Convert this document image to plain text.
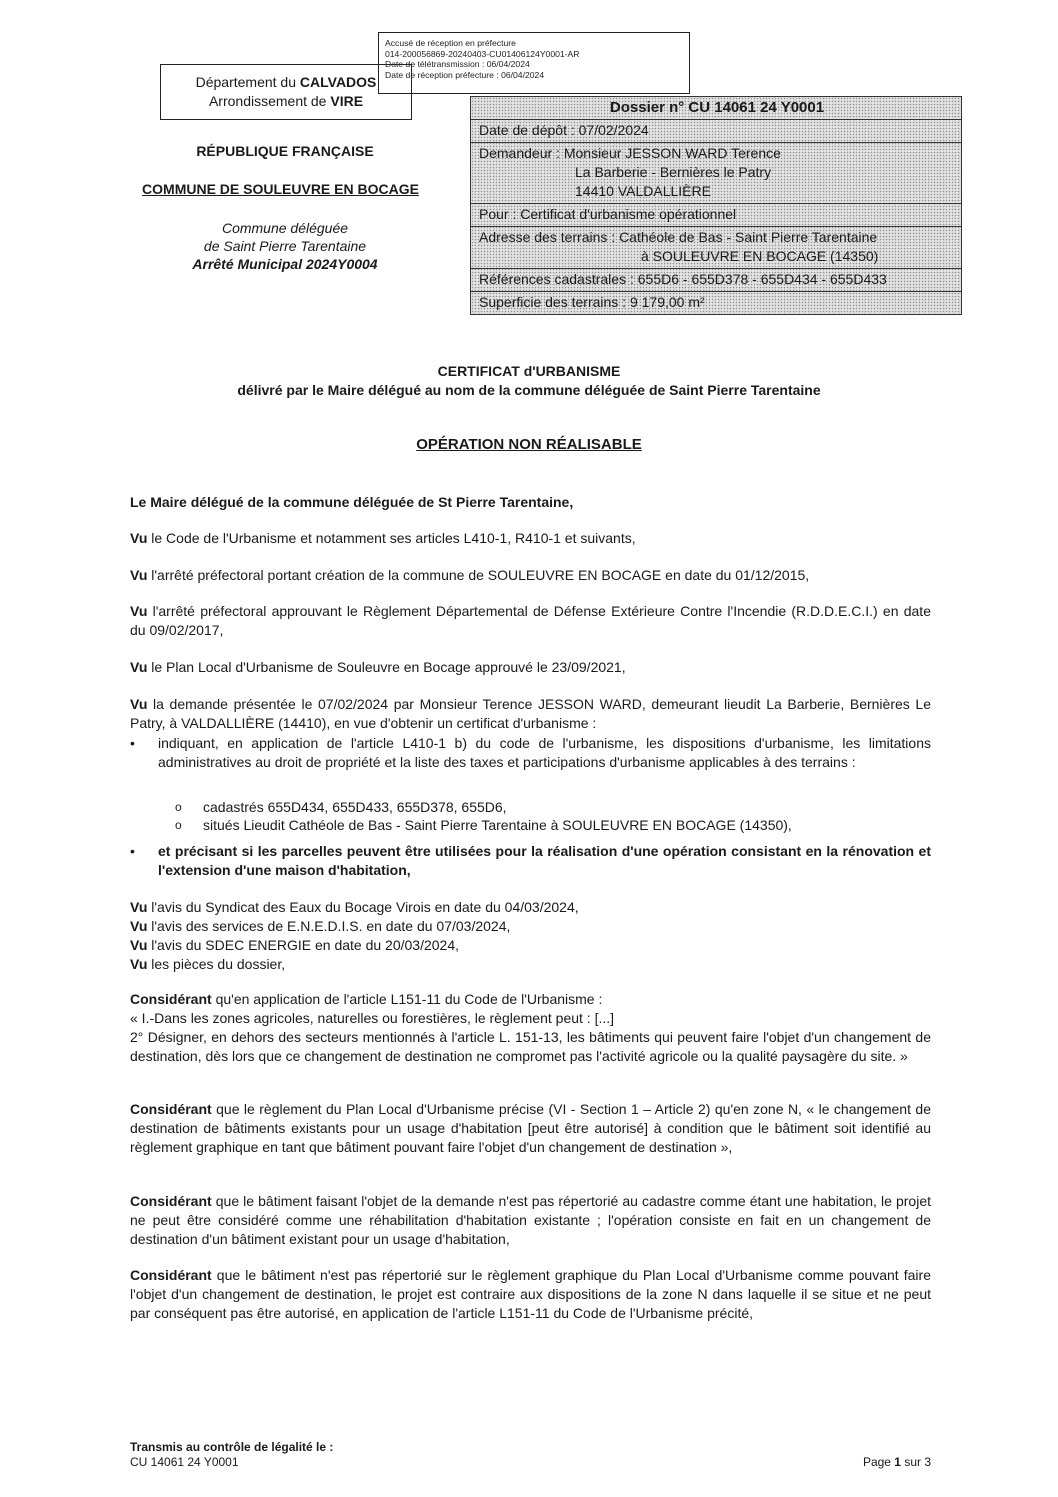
Département du CALVADOS
Arrondissement de VIRE
Accusé de réception en préfecture
014-200056869-20240403-CU01406124Y0001-AR
Date de télétransmission : 06/04/2024
Date de réception préfecture : 06/04/2024
RÉPUBLIQUE FRANÇAISE
COMMUNE DE SOULEUVRE EN BOCAGE
Commune déléguée
de Saint Pierre Tarentaine
Arrêté Municipal 2024Y0004
Dossier n° CU 14061 24 Y0001
Date de dépôt : 07/02/2024
Demandeur : Monsieur JESSON WARD Terence
La Barberie - Bernières le Patry
14410 VALDALLIÈRE
Pour : Certificat d'urbanisme opérationnel
Adresse des terrains : Cathéole de Bas - Saint Pierre Tarentaine
à SOULEUVRE EN BOCAGE (14350)
Références cadastrales : 655D6 - 655D378 - 655D434 - 655D433
Superficie des terrains : 9 179,00 m²
CERTIFICAT d'URBANISME
délivré par le Maire délégué au nom de la commune déléguée de Saint Pierre Tarentaine
OPÉRATION NON RÉALISABLE
Le Maire délégué de la commune déléguée de St Pierre Tarentaine,
Vu le Code de l'Urbanisme et notamment ses articles L410-1, R410-1 et suivants,
Vu l'arrêté préfectoral portant création de la commune de SOULEUVRE EN BOCAGE en date du 01/12/2015,
Vu l'arrêté préfectoral approuvant le Règlement Départemental de Défense Extérieure Contre l'Incendie (R.D.D.E.C.I.) en date du 09/02/2017,
Vu le Plan Local d'Urbanisme de Souleuvre en Bocage approuvé le 23/09/2021,
Vu la demande présentée le 07/02/2024 par Monsieur Terence JESSON WARD, demeurant lieudit La Barberie, Bernières Le Patry, à VALDALLIÈRE (14410), en vue d'obtenir un certificat d'urbanisme :
• indiquant, en application de l'article L410-1 b) du code de l'urbanisme, les dispositions d'urbanisme, les limitations administratives au droit de propriété et la liste des taxes et participations d'urbanisme applicables à des terrains :
o cadastrés 655D434, 655D433, 655D378, 655D6,
o situés Lieudit Cathéole de Bas - Saint Pierre Tarentaine à SOULEUVRE EN BOCAGE (14350),
• et précisant si les parcelles peuvent être utilisées pour la réalisation d'une opération consistant en la rénovation et l'extension d'une maison d'habitation,
Vu l'avis du Syndicat des Eaux du Bocage Virois en date du 04/03/2024,
Vu l'avis des services de E.N.E.D.I.S. en date du 07/03/2024,
Vu l'avis du SDEC ENERGIE en date du 20/03/2024,
Vu les pièces du dossier,
Considérant qu'en application de l'article L151-11 du Code de l'Urbanisme :
« I.-Dans les zones agricoles, naturelles ou forestières, le règlement peut : [...]
2° Désigner, en dehors des secteurs mentionnés à l'article L. 151-13, les bâtiments qui peuvent faire l'objet d'un changement de destination, dès lors que ce changement de destination ne compromet pas l'activité agricole ou la qualité paysagère du site. »
Considérant que le règlement du Plan Local d'Urbanisme précise (VI - Section 1 – Article 2) qu'en zone N, « le changement de destination de bâtiments existants pour un usage d'habitation [peut être autorisé] à condition que le bâtiment soit identifié au règlement graphique en tant que bâtiment pouvant faire l'objet d'un changement de destination »,
Considérant que le bâtiment faisant l'objet de la demande n'est pas répertorié au cadastre comme étant une habitation, le projet ne peut être considéré comme une réhabilitation d'habitation existante ; l'opération consiste en fait en un changement de destination d'un bâtiment existant pour un usage d'habitation,
Considérant que le bâtiment n'est pas répertorié sur le règlement graphique du Plan Local d'Urbanisme comme pouvant faire l'objet d'un changement de destination, le projet est contraire aux dispositions de la zone N dans laquelle il se situe et ne peut par conséquent pas être autorisé, en application de l'article L151-11 du Code de l'Urbanisme précité,
Transmis au contrôle de légalité le :
CU 14061 24 Y0001	Page 1 sur 3
